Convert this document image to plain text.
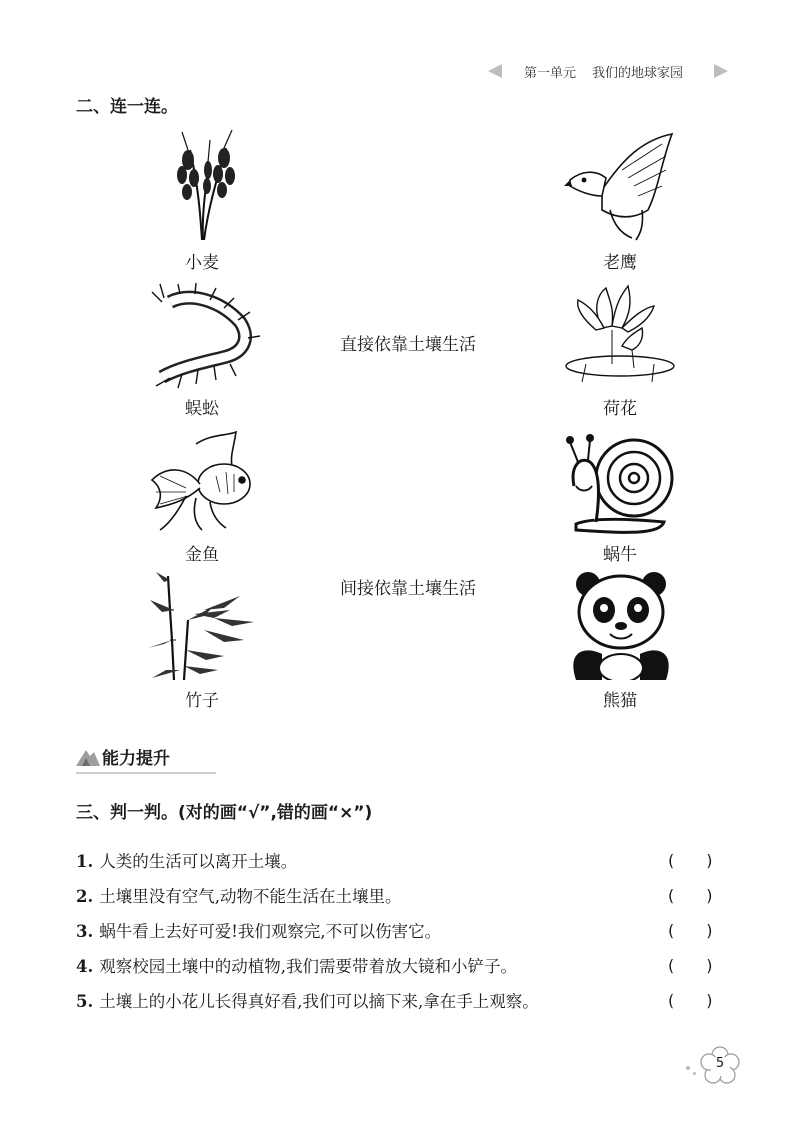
第一单元 我们的地球家园
二、连一连。
小麦
蜈蚣
金鱼
竹子
直接依靠土壤生活
间接依靠土壤生活
老鹰
荷花
蜗牛
熊猫
能力提升
三、判一判。(对的画“√”,错的画“×”)
1. 人类的生活可以离开土壤。	(　　)
2. 土壤里没有空气,动物不能生活在土壤里。	(　　)
3. 蜗牛看上去好可爱!我们观察完,不可以伤害它。	(　　)
4. 观察校园土壤中的动植物,我们需要带着放大镜和小铲子。	(　　)
5. 土壤上的小花儿长得真好看,我们可以摘下来,拿在手上观察。	(　　)
5
